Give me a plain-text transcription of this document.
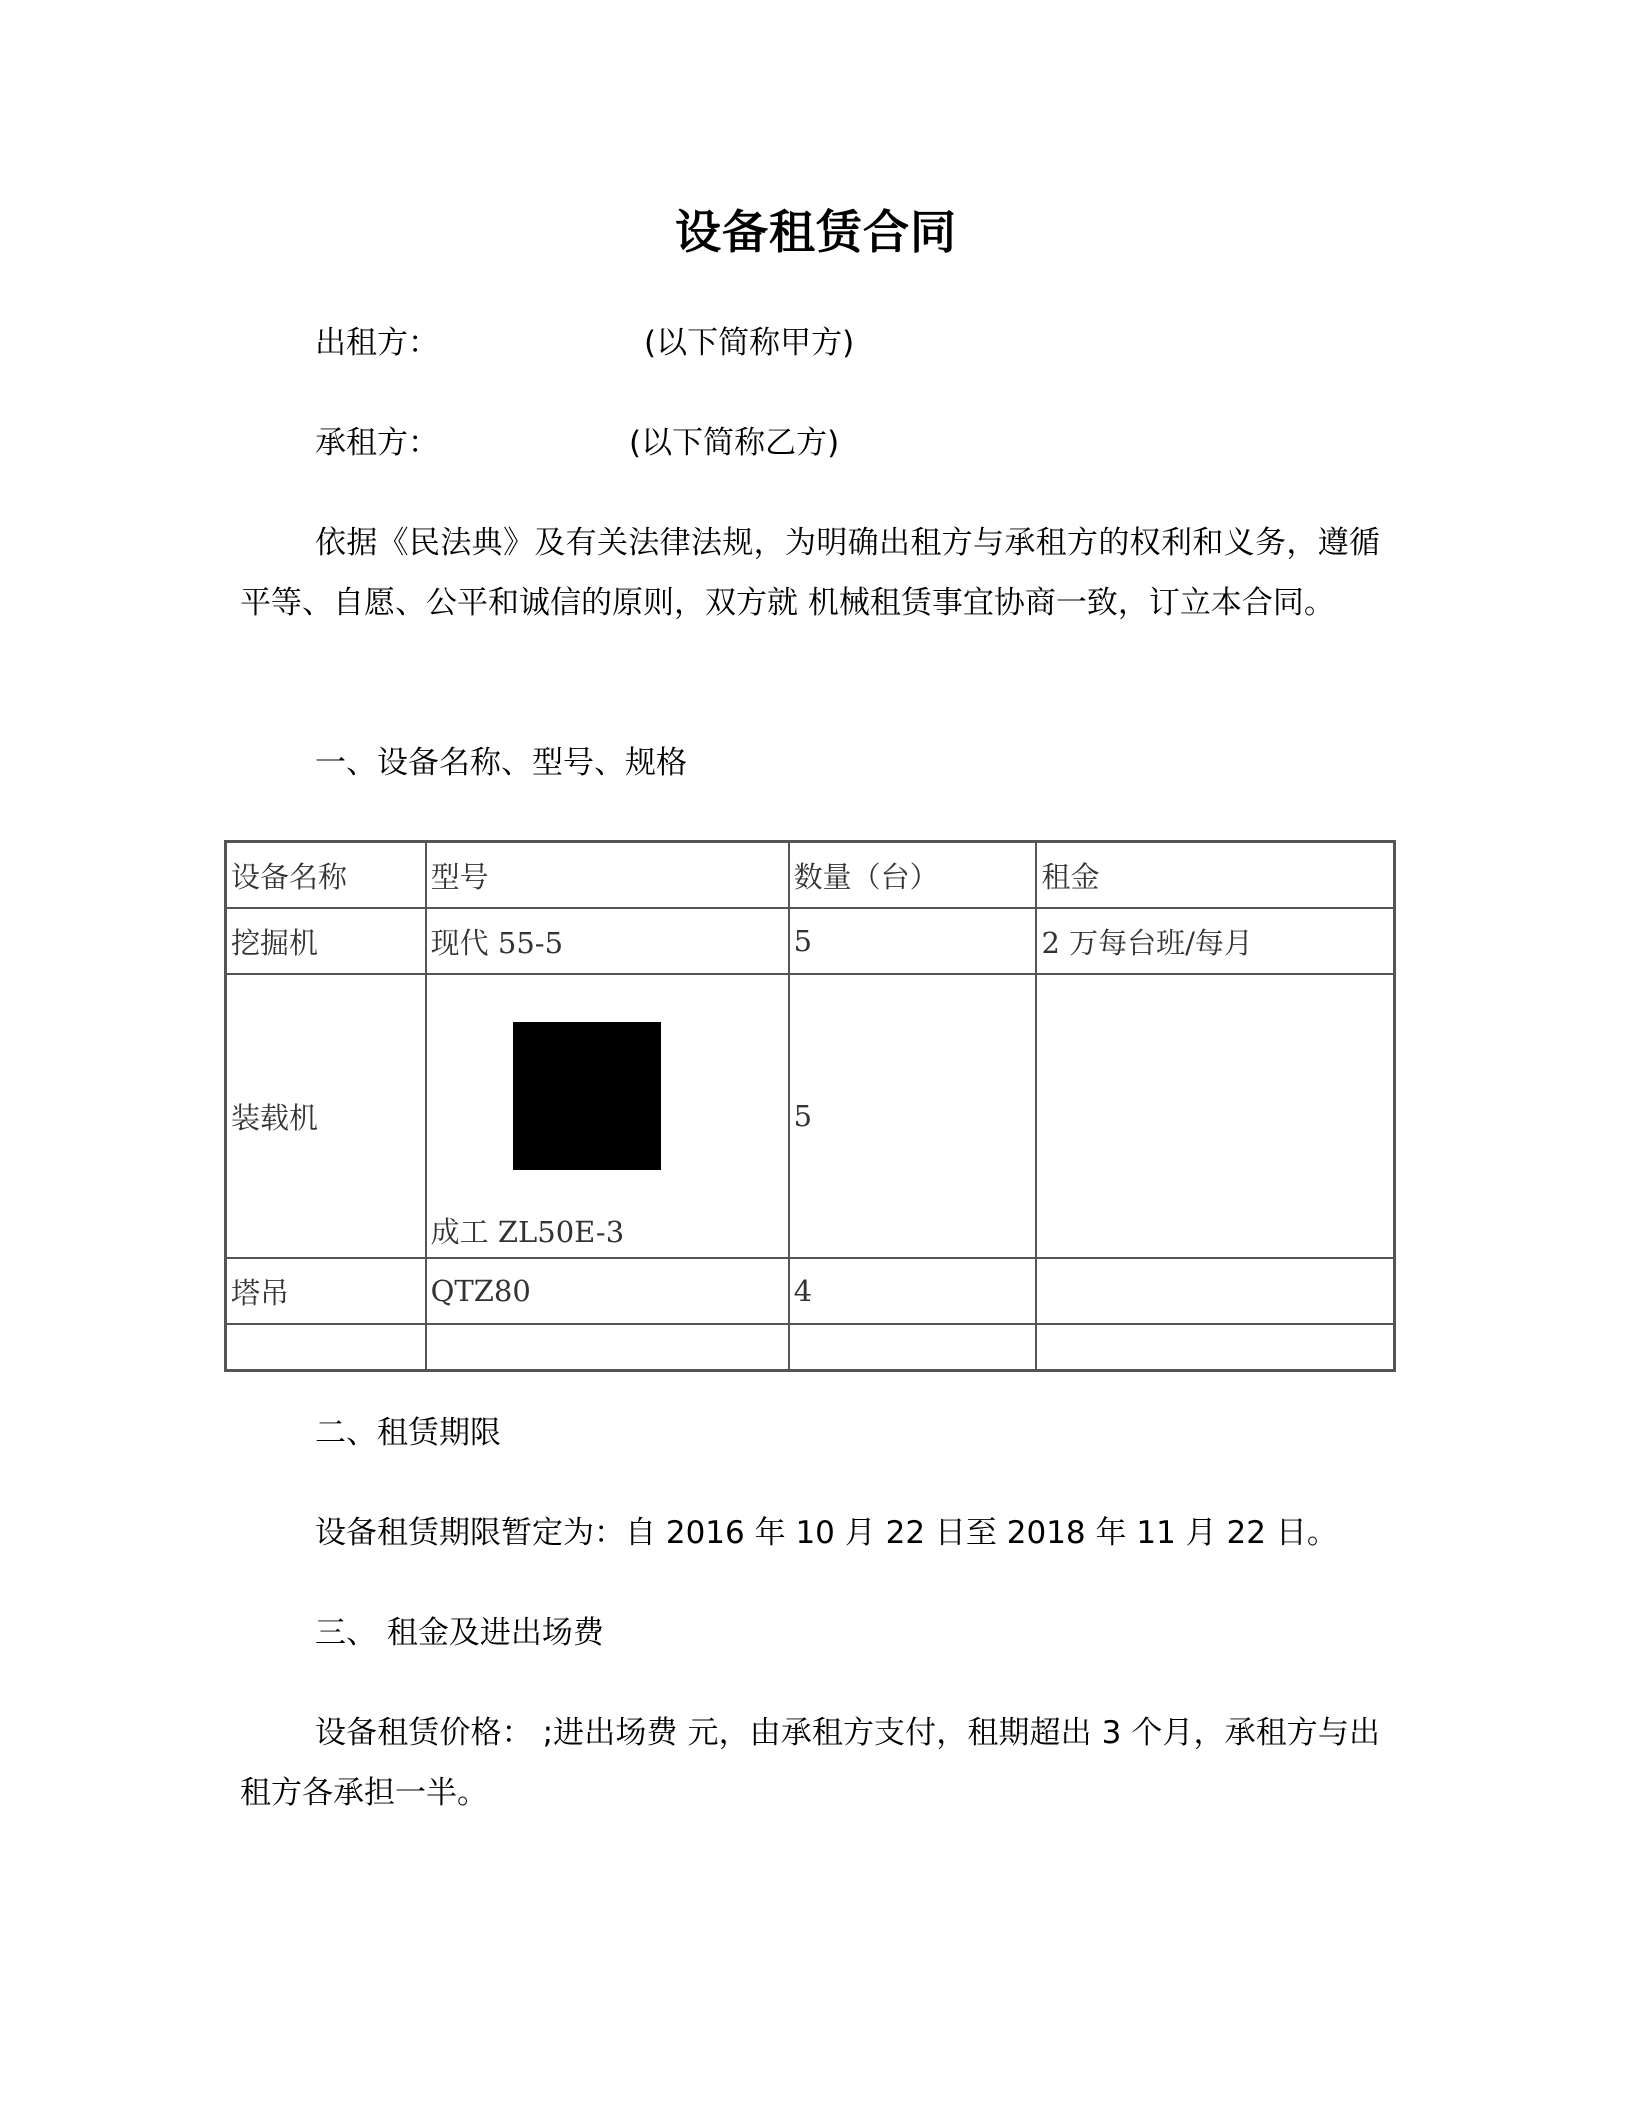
设备租赁合同
出租方：	(以下简称甲方)
承租方：	(以下简称乙方)
依据《民法典》及有关法律法规，为明确出租方与承租方的权利和义务，遵循平等、自愿、公平和诚信的原则，双方就 机械租赁事宜协商一致，订立本合同。
一、设备名称、型号、规格
设备名称	型号	数量（台）	租金
挖掘机	现代 55-5	5	2 万每台班/每月
装载机	成工 ZL50E-3	5	
塔吊	QTZ80	4	

二、租赁期限
设备租赁期限暂定为：自 2016 年 10 月 22 日至 2018 年 11 月 22 日。
三、 租金及进出场费
设备租赁价格： ;进出场费 元，由承租方支付，租期超出 3 个月，承租方与出租方各承担一半。
